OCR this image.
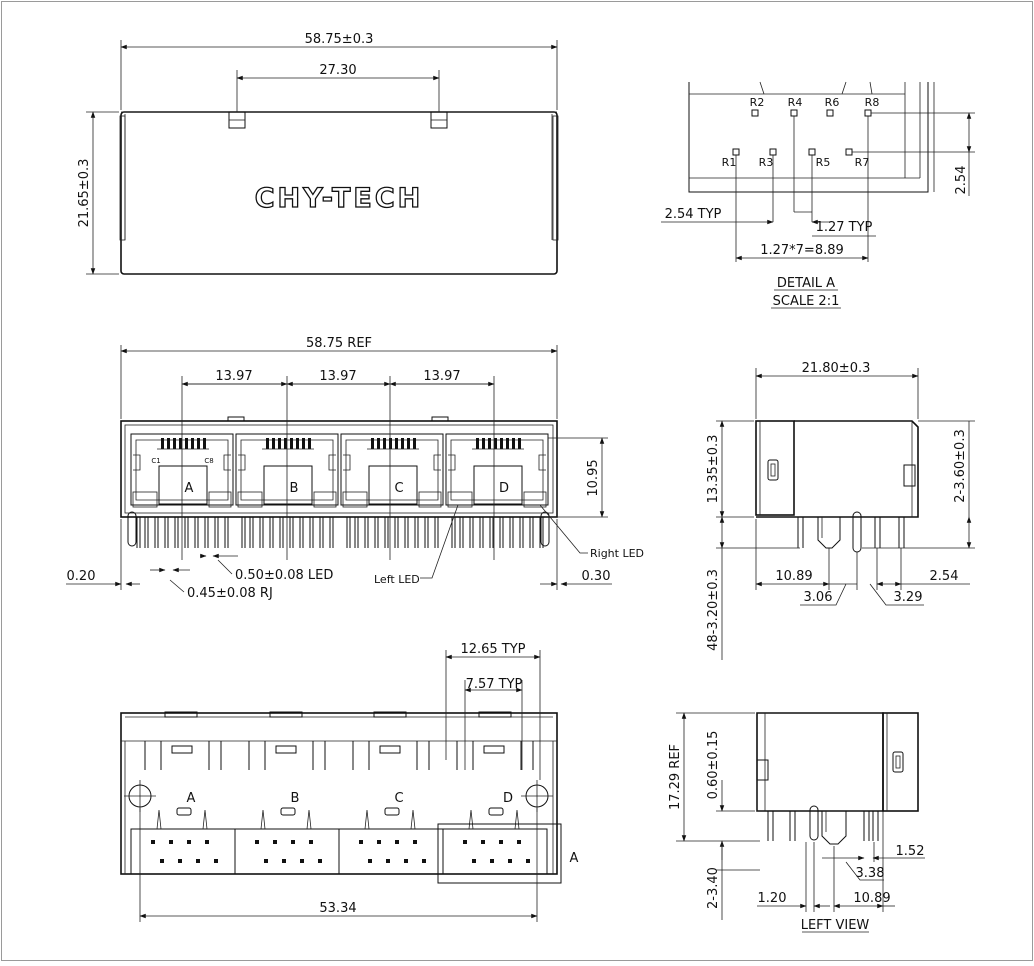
CHY-TECH
58.75±0.3
27.30
21.65±0.3
R2 R4 R6 R8
R1 R3	R5 R7
2.54 TYP
1.27 TYP
1.27*7=8.89
2.54
DETAIL A
SCALE 2:1
A	B	C	D
C1	C8
58.75 REF
13.97	13.97	13.97
10.95
0.20	0.30
0.50±0.08 LED
0.45±0.08 RJ
Left LED
Right LED
21.80±0.3
13.35±0.3	2-3.60±0.3
48-3.20±0.3	10.89	2.54
3.06	3.29
A	B	C	D
A
12.65 TYP
7.57 TYP
53.34
17.29 REF 0.60±0.15
2-3.40	1.20	10.89
1.52
3.38
LEFT VIEW
